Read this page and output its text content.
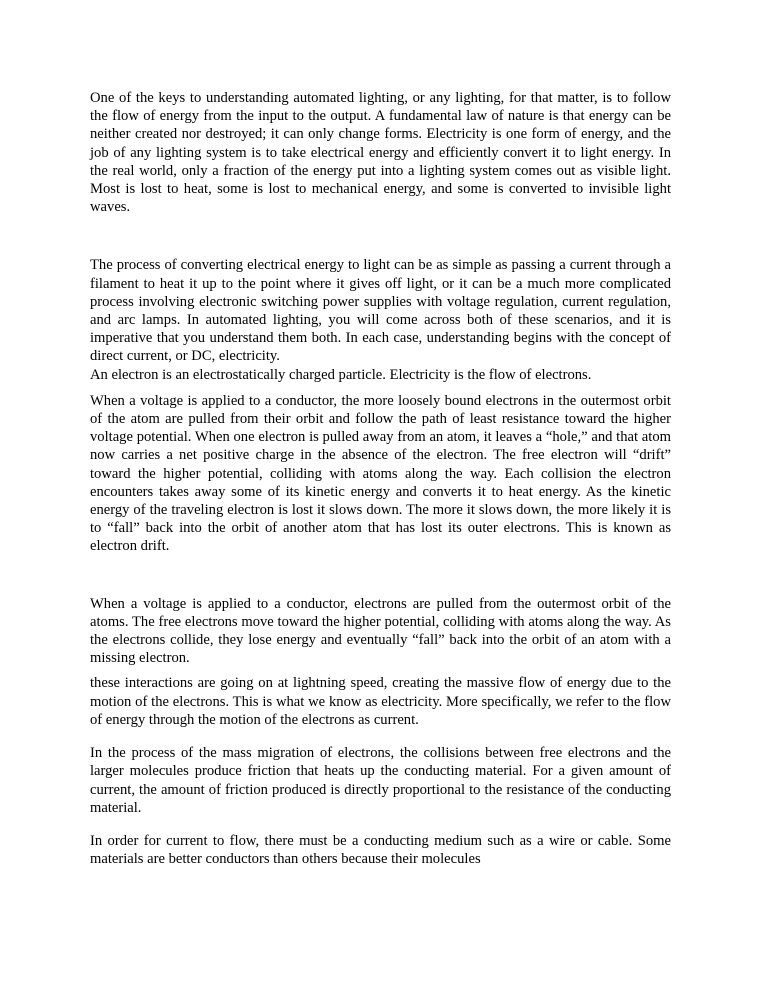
One of the keys to understanding automated lighting, or any lighting, for that matter, is to follow the flow of energy from the input to the output. A fundamental law of nature is that energy can be neither created nor destroyed; it can only change forms. Electricity is one form of energy, and the job of any lighting system is to take electrical energy and efficiently convert it to light energy. In the real world, only a fraction of the energy put into a lighting system comes out as visible light. Most is lost to heat, some is lost to mechanical energy, and some is converted to invisible light waves.

The process of converting electrical energy to light can be as simple as passing a current through a filament to heat it up to the point where it gives off light, or it can be a much more complicated process involving electronic switching power supplies with voltage regulation, current regulation, and arc lamps. In automated lighting, you will come across both of these scenarios, and it is imperative that you understand them both. In each case, understanding begins with the concept of direct current, or DC, electricity.

An electron is an electrostatically charged particle. Electricity is the flow of electrons.

When a voltage is applied to a conductor, the more loosely bound electrons in the outermost orbit of the atom are pulled from their orbit and follow the path of least resistance toward the higher voltage potential. When one electron is pulled away from an atom, it leaves a “hole,” and that atom now carries a net positive charge in the absence of the electron. The free electron will “drift” toward the higher potential, colliding with atoms along the way. Each collision the electron encounters takes away some of its kinetic energy and converts it to heat energy. As the kinetic energy of the traveling electron is lost it slows down. The more it slows down, the more likely it is to “fall” back into the orbit of another atom that has lost its outer electrons. This is known as electron drift.

When a voltage is applied to a conductor, electrons are pulled from the outermost orbit of the atoms. The free electrons move toward the higher potential, colliding with atoms along the way. As the electrons collide, they lose energy and eventually “fall” back into the orbit of an atom with a missing electron.

these interactions are going on at lightning speed, creating the massive flow of energy due to the motion of the electrons. This is what we know as electricity. More specifically, we refer to the flow of energy through the motion of the electrons as current.

In the process of the mass migration of electrons, the collisions between free electrons and the larger molecules produce friction that heats up the conducting material. For a given amount of current, the amount of friction produced is directly proportional to the resistance of the conducting material.

In order for current to flow, there must be a conducting medium such as a wire or cable. Some materials are better conductors than others because their molecules
